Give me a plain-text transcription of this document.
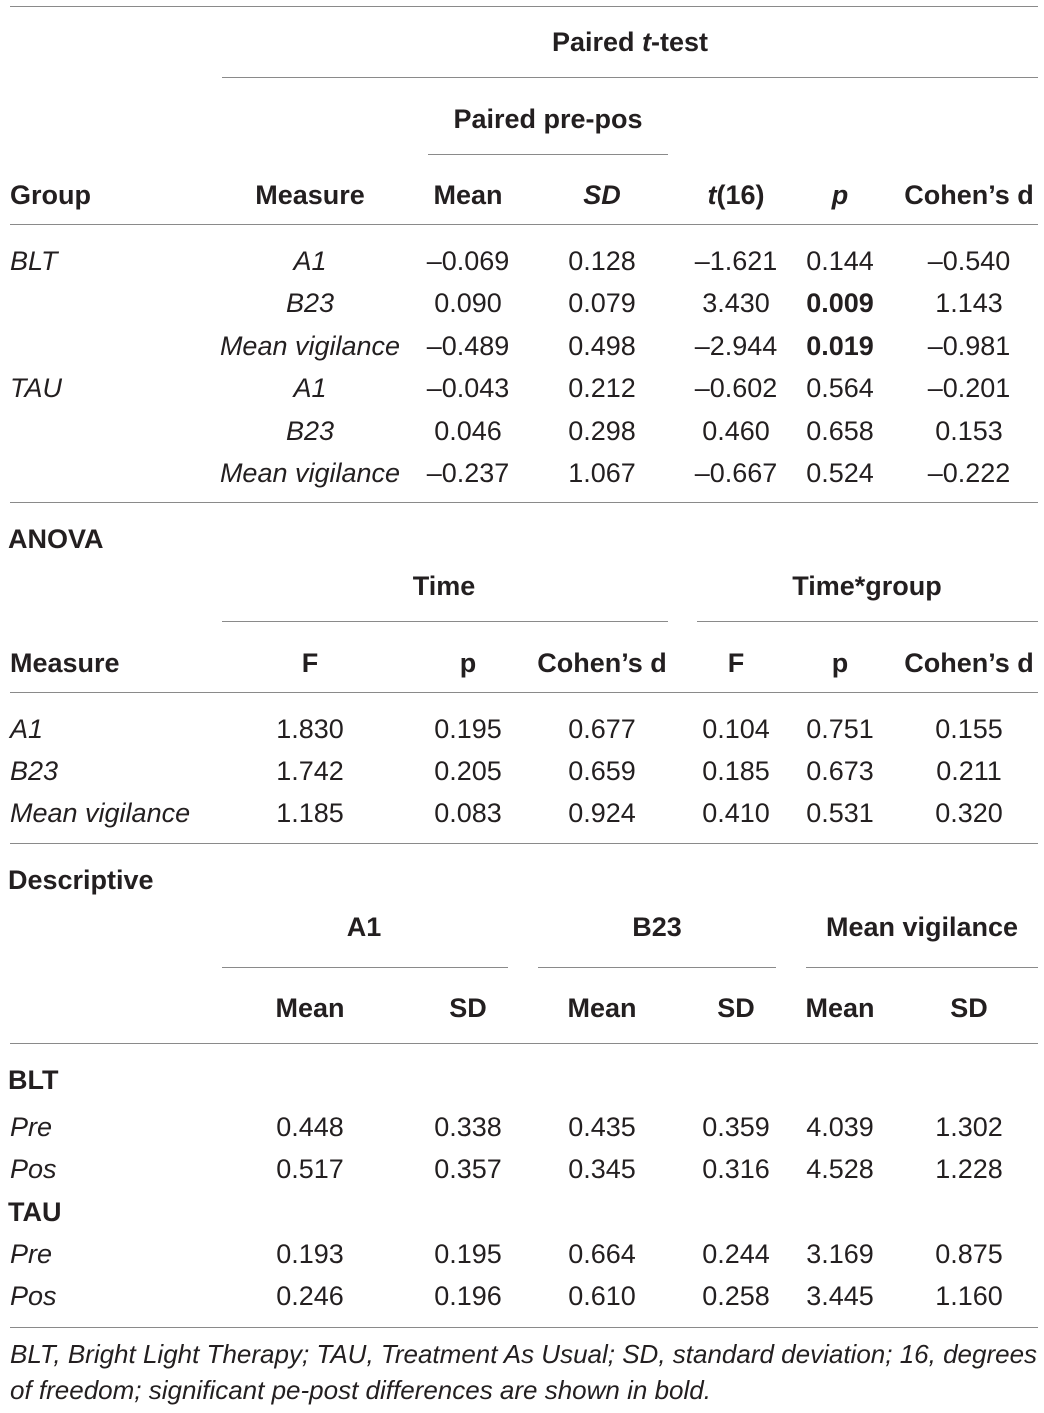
Paired t-test
Paired pre-pos
Group	Measure	Mean	SD	t(16) p Cohen’s d
BLT	A1	–0.069 0.128 –1.621 0.144 –0.540
B23	0.090 0.079 3.430 0.009 1.143
Mean vigilance –0.489 0.498 –2.944 0.019 –0.981
TAU	A1	–0.043 0.212 –0.602 0.564 –0.201
B23	0.046 0.298 0.460 0.658 0.153
Mean vigilance –0.237 1.067 –0.667 0.524 –0.222
ANOVA
Time	Time*group
Measure	F	p Cohen’s d F	p Cohen’s d
A1	1.830	0.195 0.677 0.104 0.751 0.155
B23	1.742	0.205 0.659 0.185 0.673 0.211
Mean vigilance	1.185	0.083 0.924 0.410 0.531 0.320
Descriptive
A1	B23	Mean vigilance
Mean	SD	Mean	SD Mean	SD
BLT
Pre	0.448	0.338 0.435 0.359 4.039 1.302
Pos	0.517	0.357 0.345 0.316 4.528 1.228
TAU
Pre	0.193	0.195 0.664 0.244 3.169 0.875
Pos	0.246	0.196 0.610 0.258 3.445 1.160
BLT, Bright Light Therapy; TAU, Treatment As Usual; SD, standard deviation; 16, degrees of freedom; significant pe-post differences are shown in bold.
